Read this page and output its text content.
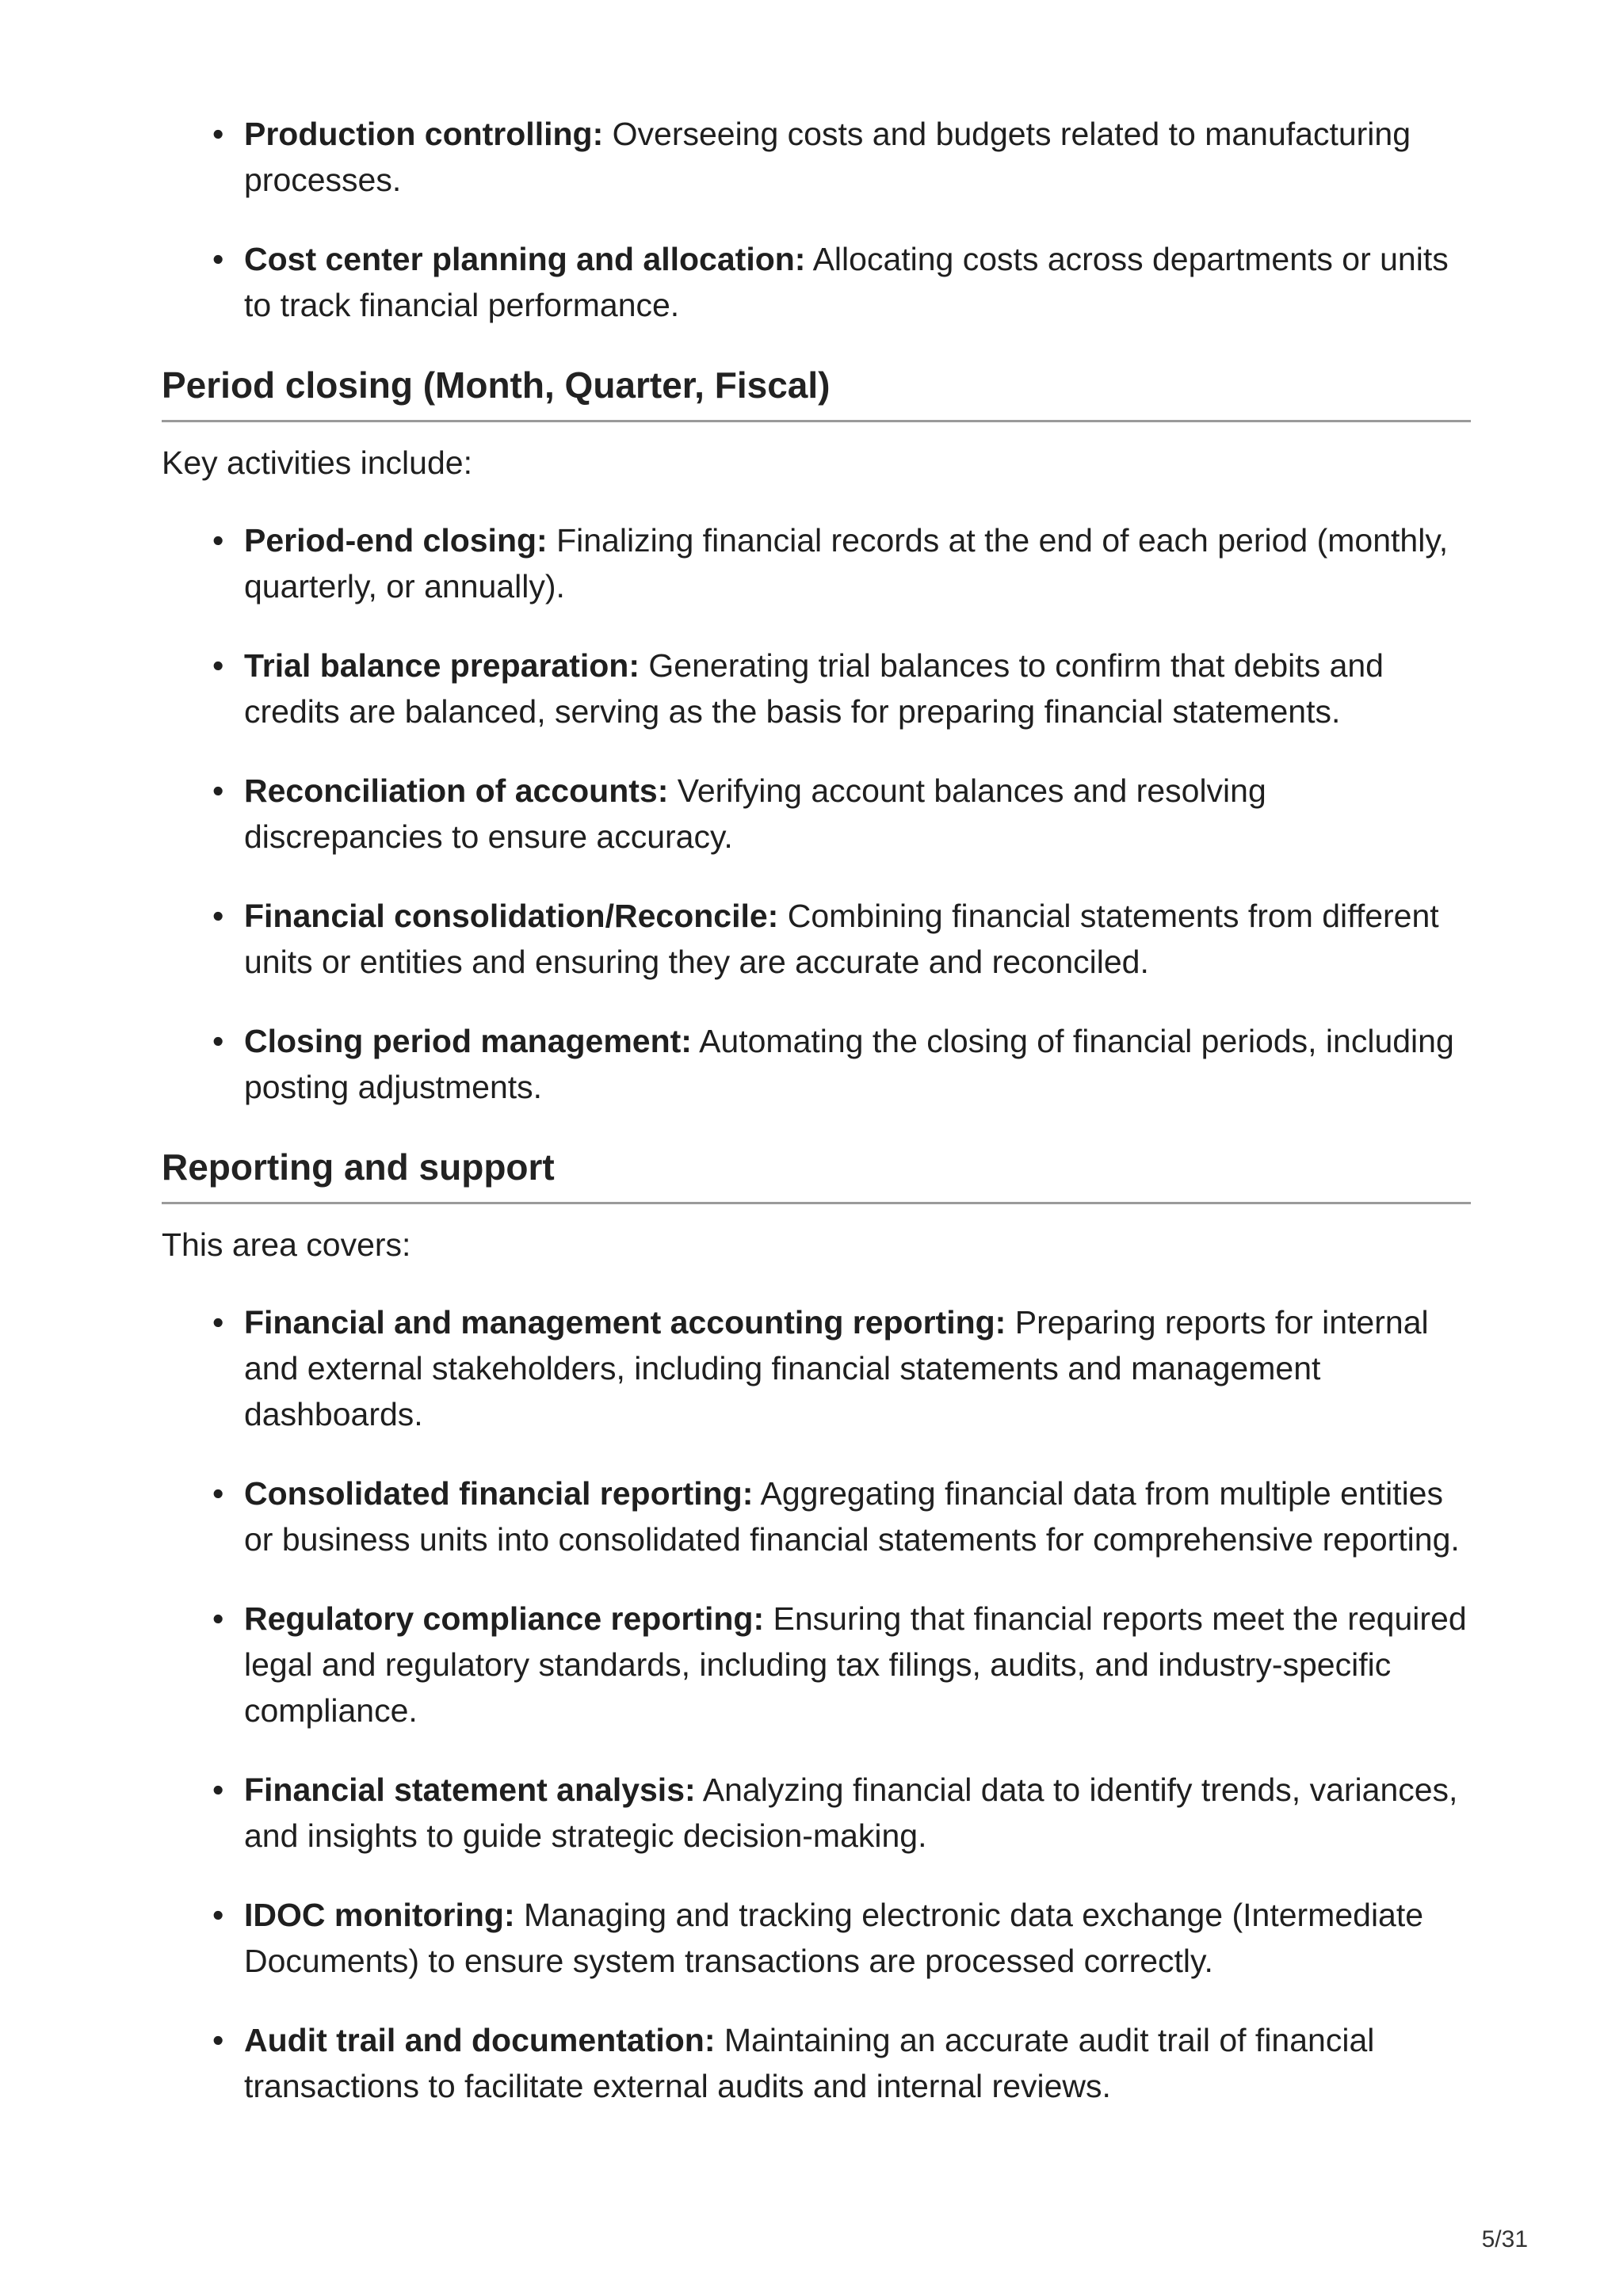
• Production controlling: Overseeing costs and budgets related to manufacturing processes.
• Cost center planning and allocation: Allocating costs across departments or units to track financial performance.
Period closing (Month, Quarter, Fiscal)

Key activities include:

• Period-end closing: Finalizing financial records at the end of each period (monthly, quarterly, or annually).
• Trial balance preparation: Generating trial balances to confirm that debits and credits are balanced, serving as the basis for preparing financial statements.
• Reconciliation of accounts: Verifying account balances and resolving discrepancies to ensure accuracy.
• Financial consolidation/Reconcile: Combining financial statements from different units or entities and ensuring they are accurate and reconciled.
• Closing period management: Automating the closing of financial periods, including posting adjustments.
Reporting and support

This area covers:

• Financial and management accounting reporting: Preparing reports for internal and external stakeholders, including financial statements and management dashboards.
• Consolidated financial reporting: Aggregating financial data from multiple entities or business units into consolidated financial statements for comprehensive reporting.
• Regulatory compliance reporting: Ensuring that financial reports meet the required legal and regulatory standards, including tax filings, audits, and industry-specific compliance.
• Financial statement analysis: Analyzing financial data to identify trends, variances, and insights to guide strategic decision-making.
• IDOC monitoring: Managing and tracking electronic data exchange (Intermediate Documents) to ensure system transactions are processed correctly.
• Audit trail and documentation: Maintaining an accurate audit trail of financial transactions to facilitate external audits and internal reviews.
5/31
